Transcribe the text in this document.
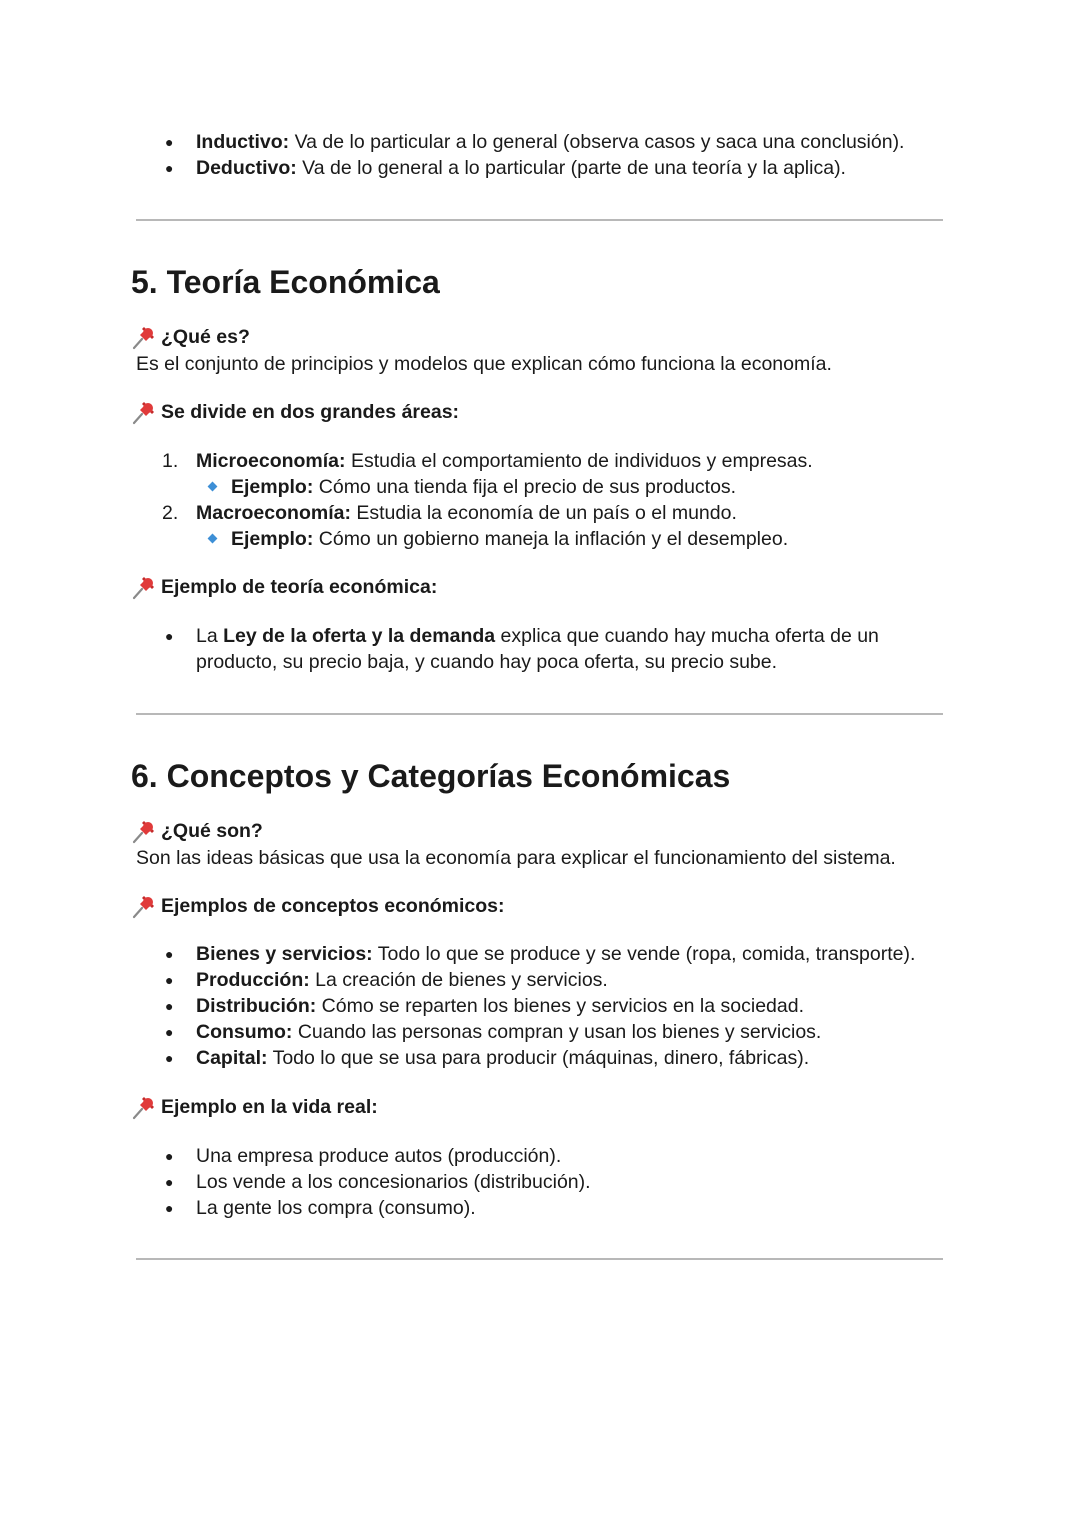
● Inductivo: Va de lo particular a lo general (observa casos y saca una conclusión).
● Deductivo: Va de lo general a lo particular (parte de una teoría y la aplica).
5. Teoría Económica
¿Qué es?
Es el conjunto de principios y modelos que explican cómo funciona la economía.
Se divide en dos grandes áreas:
1. Microeconomía: Estudia el comportamiento de individuos y empresas.
Ejemplo: Cómo una tienda fija el precio de sus productos.
2. Macroeconomía: Estudia la economía de un país o el mundo.
Ejemplo: Cómo un gobierno maneja la inflación y el desempleo.
Ejemplo de teoría económica:
● La Ley de la oferta y la demanda explica que cuando hay mucha oferta de un
producto, su precio baja, y cuando hay poca oferta, su precio sube.
6. Conceptos y Categorías Económicas
¿Qué son?
Son las ideas básicas que usa la economía para explicar el funcionamiento del sistema.
Ejemplos de conceptos económicos:
● Bienes y servicios: Todo lo que se produce y se vende (ropa, comida, transporte).
● Producción: La creación de bienes y servicios.
● Distribución: Cómo se reparten los bienes y servicios en la sociedad.
● Consumo: Cuando las personas compran y usan los bienes y servicios.
● Capital: Todo lo que se usa para producir (máquinas, dinero, fábricas).
Ejemplo en la vida real:
● Una empresa produce autos (producción).
● Los vende a los concesionarios (distribución).
● La gente los compra (consumo).
